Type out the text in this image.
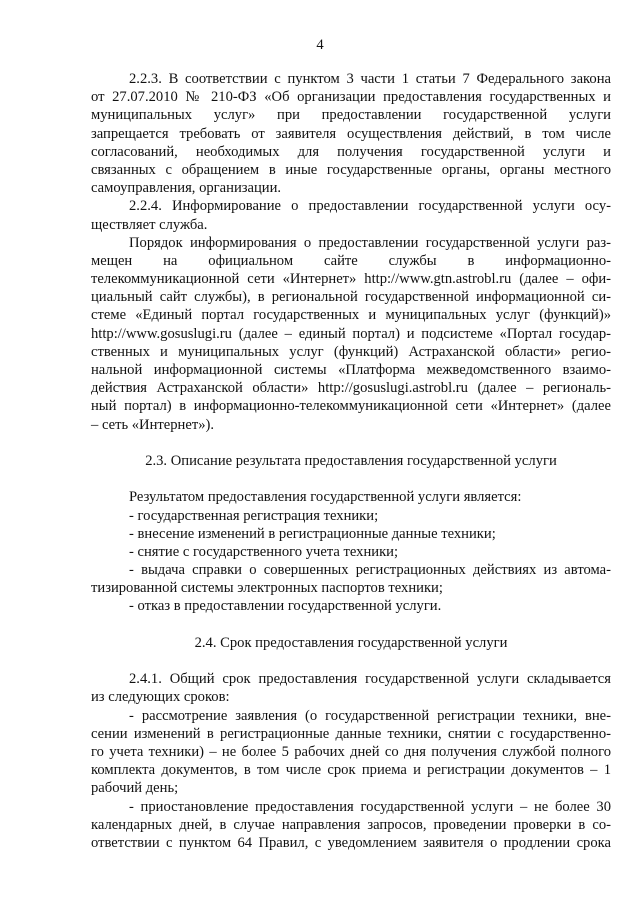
4
2.2.3. В соответствии с пунктом 3 части 1 статьи 7 Федерального закона
от 27.07.2010 № 210-ФЗ «Об организации предоставления государственных и
муниципальных услуг» при предоставлении государственной услуги
запрещается требовать от заявителя осуществления действий, в том числе
согласований, необходимых для получения государственной услуги и
связанных с обращением в иные государственные органы, органы местного
самоуправления, организации.
2.2.4. Информирование о предоставлении государственной услуги осу-
ществляет служба.
Порядок информирования о предоставлении государственной услуги раз-
мещен на официальном сайте службы в информационно-
телекоммуникационной сети «Интернет» http://www.gtn.astrobl.ru (далее – офи-
циальный сайт службы), в региональной государственной информационной си-
стеме «Единый портал государственных и муниципальных услуг (функций)»
http://www.gosuslugi.ru (далее – единый портал) и подсистеме «Портал государ-
ственных и муниципальных услуг (функций) Астраханской области» регио-
нальной информационной системы «Платформа межведомственного взаимо-
действия Астраханской области» http://gosuslugi.astrobl.ru (далее – региональ-
ный портал) в информационно-телекоммуникационной сети «Интернет» (далее
– сеть «Интернет»).
2.3. Описание результата предоставления государственной услуги
Результатом предоставления государственной услуги является:
- государственная регистрация техники;
- внесение изменений в регистрационные данные техники;
- снятие с государственного учета техники;
- выдача справки о совершенных регистрационных действиях из автома-
тизированной системы электронных паспортов техники;
- отказ в предоставлении государственной услуги.
2.4. Срок предоставления государственной услуги
2.4.1. Общий срок предоставления государственной услуги складывается
из следующих сроков:
- рассмотрение заявления (о государственной регистрации техники, вне-
сении изменений в регистрационные данные техники, снятии с государственно-
го учета техники) – не более 5 рабочих дней со дня получения службой полного
комплекта документов, в том числе срок приема и регистрации документов – 1
рабочий день;
- приостановление предоставления государственной услуги – не более 30
календарных дней, в случае направления запросов, проведении проверки в со-
ответствии с пунктом 64 Правил, с уведомлением заявителя о продлении срока
